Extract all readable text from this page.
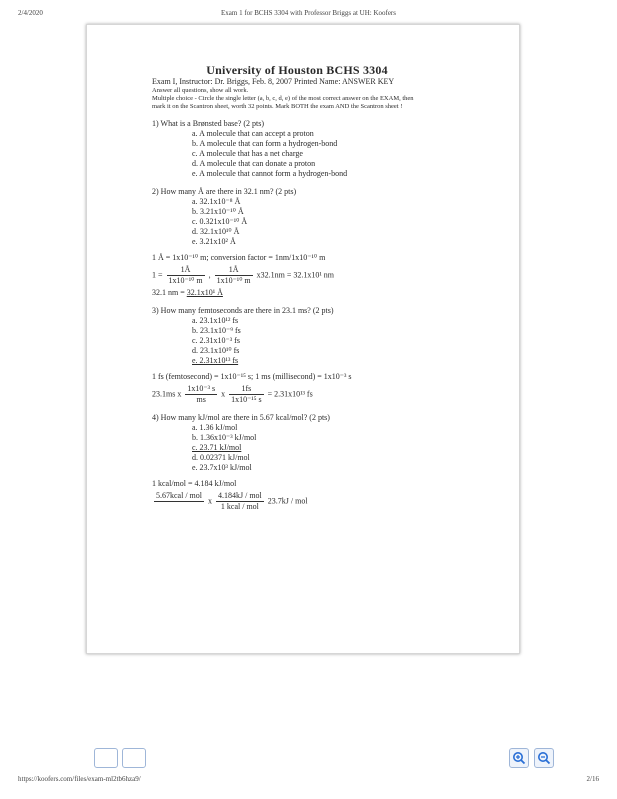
2/4/2020	Exam 1 for BCHS 3304 with Professor Briggs at UH: Koofers
University of Houston BCHS 3304
Exam I, Instructor: Dr. Briggs, Feb. 8, 2007 Printed Name: ANSWER KEY
Answer all questions, show all work.
Multiple choice - Circle the single letter (a, b, c, d, e) of the most correct answer on the EXAM, then
mark it on the Scantron sheet, worth 32 points. Mark BOTH the exam AND the Scantron sheet !
1) What is a Brønsted base? (2 pts)
a. A molecule that can accept a proton
b. A molecule that can form a hydrogen-bond
c. A molecule that has a net charge
d. A molecule that can donate a proton
e. A molecule that cannot form a hydrogen-bond
2) How many Å are there in 32.1 nm? (2 pts)
a. 32.1x10⁻⁸ Å
b. 3.21x10⁻¹⁰ Å
c. 0.321x10⁻¹⁰ Å
d. 32.1x10¹⁰ Å
e. 3.21x10² Å
1 Å = 1x10⁻¹⁰ m; conversion factor = 1nm/1x10⁻¹⁰ m
$1 = \frac{1Å}{\text{1x10⁻¹⁰ m}}$ , $\frac{1Å}{\text{1x10⁻¹⁰ m}} x32.1nm = 32.1x10^1$ nm
32.1 nm = 32.1x10¹ Å
3) How many femtoseconds are there in 23.1 ms? (2 pts)
a. 23.1x10¹² fs
b. 23.1x10⁻⁹ fs
c. 2.31x10⁻³ fs
d. 23.1x10¹⁰ fs
e. 2.31x10¹³ fs
1 fs (femtosecond) = 1x10⁻¹⁵ s; 1 ms (millisecond) = 1x10⁻³ s
23.1ms x $\frac{\text{1x10⁻³ s}}{ms}$ x $\frac{1fs}{\text{1x10⁻¹⁵ s}} = 2.31x10^{13}$ fs
4) How many kJ/mol are there in 5.67 kcal/mol? (2 pts)
a. 1.36 kJ/mol
b. 1.36x10⁻³ kJ/mol
c. 23.71 kJ/mol
d. 0.02371 kJ/mol
e. 23.7x10³ kJ/mol
1 kcal/mol = 4.184 kJ/mol
5.67kcal / mol

x $\frac{\text{4.184kJ / mol}}{\text{1 kcal / mol}} 23.7kJ$ / mol
https://koofers.com/files/exam-ml2tb6hza9/	2/16
